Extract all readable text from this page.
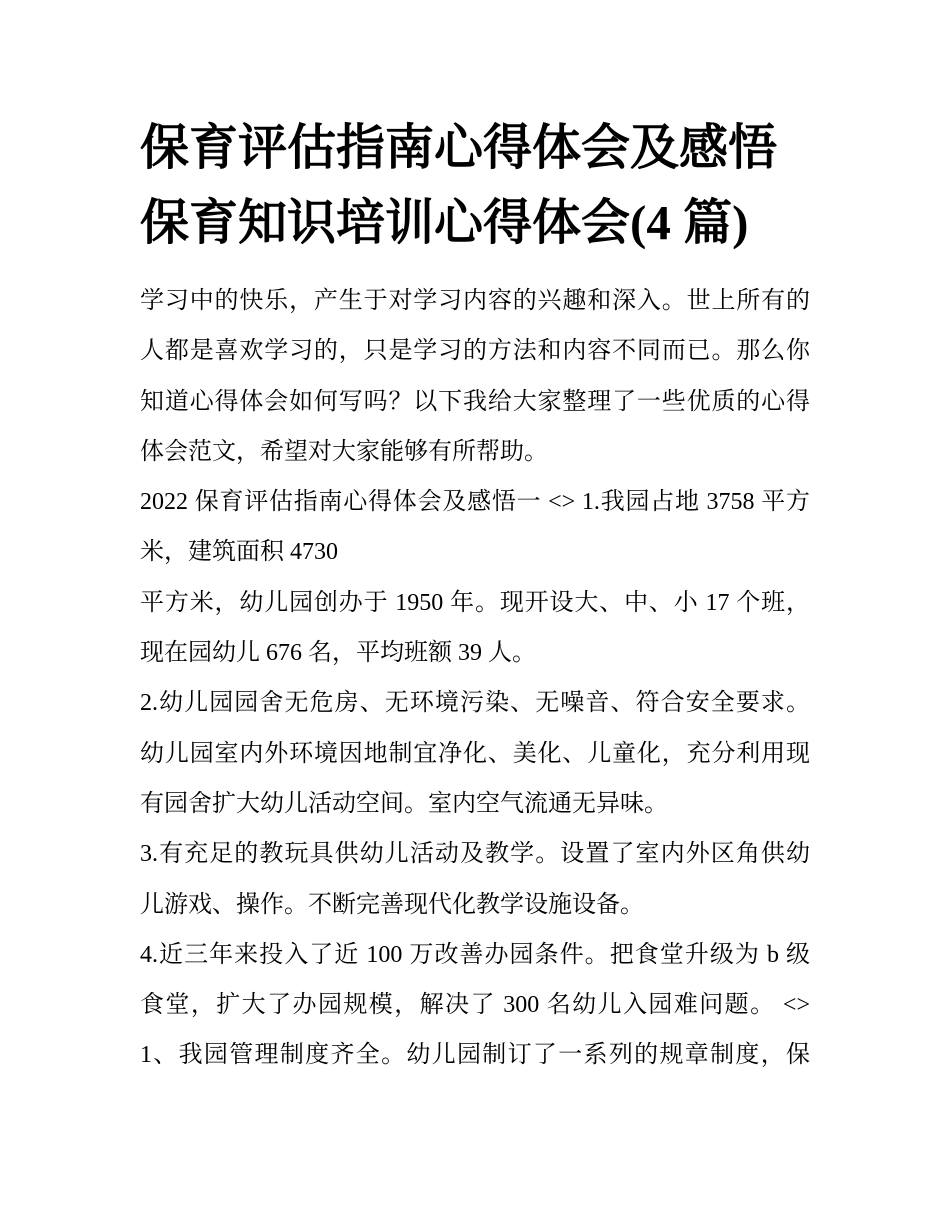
保育评估指南心得体会及感悟
保育知识培训心得体会(4 篇)
学习中的快乐，产生于对学习内容的兴趣和深入。世上所有的
人都是喜欢学习的，只是学习的方法和内容不同而已。那么你
知道心得体会如何写吗？以下我给大家整理了一些优质的心得
体会范文，希望对大家能够有所帮助。
2022 保育评估指南心得体会及感悟一 <> 1.我园占地 3758 平方
米，建筑面积 4730
平方米，幼儿园创办于 1950 年。现开设大、中、小 17 个班，
现在园幼儿 676 名，平均班额 39 人。
2.幼儿园园舍无危房、无环境污染、无噪音、符合安全要求。
幼儿园室内外环境因地制宜净化、美化、儿童化，充分利用现
有园舍扩大幼儿活动空间。室内空气流通无异味。
3.有充足的教玩具供幼儿活动及教学。设置了室内外区角供幼
儿游戏、操作。不断完善现代化教学设施设备。
4.近三年来投入了近 100 万改善办园条件。把食堂升级为 b 级
食堂，扩大了办园规模，解决了 300 名幼儿入园难问题。 <>
1、我园管理制度齐全。幼儿园制订了一系列的规章制度，保
